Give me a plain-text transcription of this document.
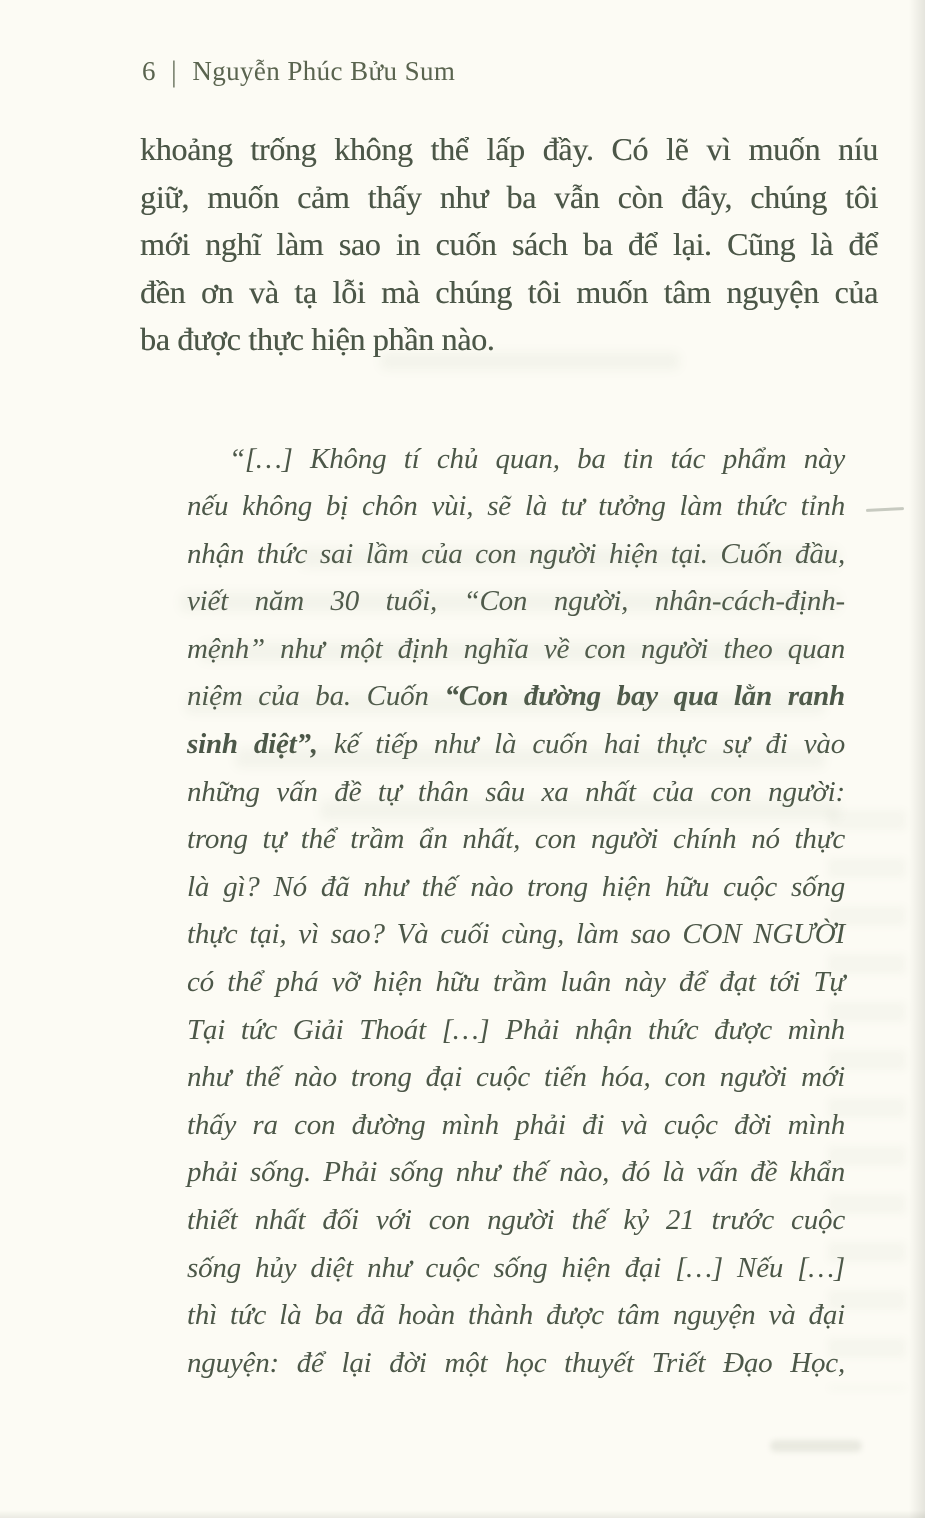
6 | Nguyễn Phúc Bửu Sum
khoảng trống không thể lấp đầy. Có lẽ vì muốn níu
giữ, muốn cảm thấy như ba vẫn còn đây, chúng tôi
mới nghĩ làm sao in cuốn sách ba để lại. Cũng là để
đền ơn và tạ lỗi mà chúng tôi muốn tâm nguyện của
ba được thực hiện phần nào.
“[…] Không tí chủ quan, ba tin tác phẩm này
nếu không bị chôn vùi, sẽ là tư tưởng làm thức tỉnh
nhận thức sai lầm của con người hiện tại. Cuốn đầu,
viết năm 30 tuổi, “Con người, nhân-cách-định-
mệnh” như một định nghĩa về con người theo quan
niệm của ba. Cuốn “Con đường bay qua lằn ranh
sinh diệt”, kế tiếp như là cuốn hai thực sự đi vào
những vấn đề tự thân sâu xa nhất của con người:
trong tự thể trầm ẩn nhất, con người chính nó thực
là gì? Nó đã như thế nào trong hiện hữu cuộc sống
thực tại, vì sao? Và cuối cùng, làm sao CON NGƯỜI
có thể phá vỡ hiện hữu trầm luân này để đạt tới Tự
Tại tức Giải Thoát […] Phải nhận thức được mình
như thế nào trong đại cuộc tiến hóa, con người mới
thấy ra con đường mình phải đi và cuộc đời mình
phải sống. Phải sống như thế nào, đó là vấn đề khẩn
thiết nhất đối với con người thế kỷ 21 trước cuộc
sống hủy diệt như cuộc sống hiện đại […] Nếu […]
thì tức là ba đã hoàn thành được tâm nguyện và đại
nguyện: để lại đời một học thuyết Triết Đạo Học,
